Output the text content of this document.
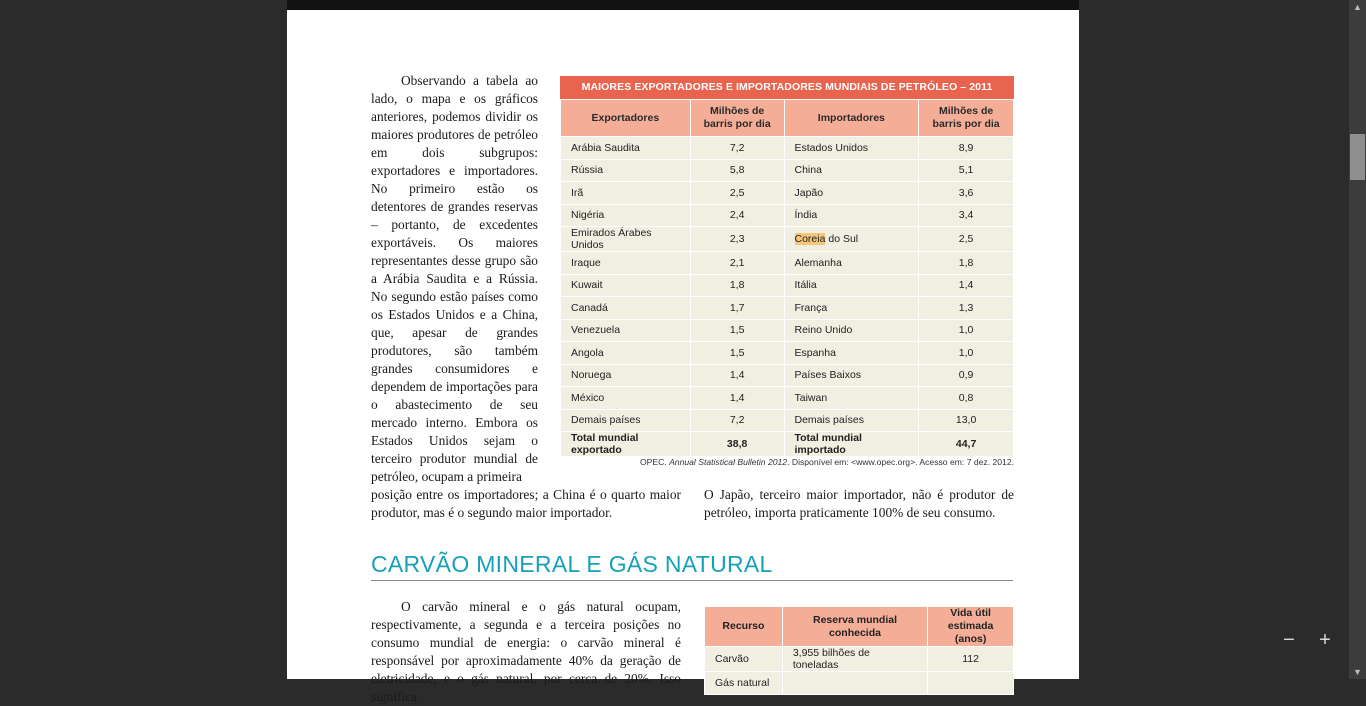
Observando a tabela ao lado, o mapa e os gráficos anteriores, podemos dividir os maiores produtores de petróleo em dois subgrupos: exportadores e importadores. No primeiro estão os detentores de grandes reservas – portanto, de excedentes exportáveis. Os maiores representantes desse grupo são a Arábia Saudita e a Rússia. No segundo estão países como os Estados Unidos e a China, que, apesar de grandes produtores, são também grandes consumidores e dependem de importações para o abastecimento de seu mercado interno. Embora os Estados Unidos sejam o terceiro produtor mundial de petróleo, ocupam a primeira

MAIORES EXPORTADORES E IMPORTADORES MUNDIAIS DE PETRÓLEO – 2011
Exportadores	Milhões de barris por dia	Importadores	Milhões de barris por dia
Arábia Saudita	7,2	Estados Unidos	8,9
Rússia	5,8	China	5,1
Irã	2,5	Japão	3,6
Nigéria	2,4	Índia	3,4
Emirados Árabes Unidos	2,3	Coreia do Sul	2,5
Iraque	2,1	Alemanha	1,8
Kuwait	1,8	Itália	1,4
Canadá	1,7	França	1,3
Venezuela	1,5	Reino Unido	1,0
Angola	1,5	Espanha	1,0
Noruega	1,4	Países Baixos	0,9
México	1,4	Taiwan	0,8
Demais países	7,2	Demais países	13,0
Total mundial exportado	38,8	Total mundial importado	44,7
OPEC. Annual Statistical Bulletin 2012. Disponível em: <www.opec.org>. Acesso em: 7 dez. 2012.
posição entre os importadores; a China é o quarto maior produtor, mas é o segundo maior importador.
O Japão, terceiro maior importador, não é produtor de petróleo, importa praticamente 100% de seu consumo.
CARVÃO MINERAL E GÁS NATURAL

O carvão mineral e o gás natural ocupam, respectivamente, a segunda e a terceira posições no consumo mundial de energia: o carvão mineral é responsável por aproximadamente 40% da geração de eletricidade, e o gás natural, por cerca de 20%. Isso significa

Recurso	Reserva mundial conhecida	Vida útil estimada (anos)
Carvão	3,955 bilhões de toneladas	112
Gás natural		
−	+
▲
▼
